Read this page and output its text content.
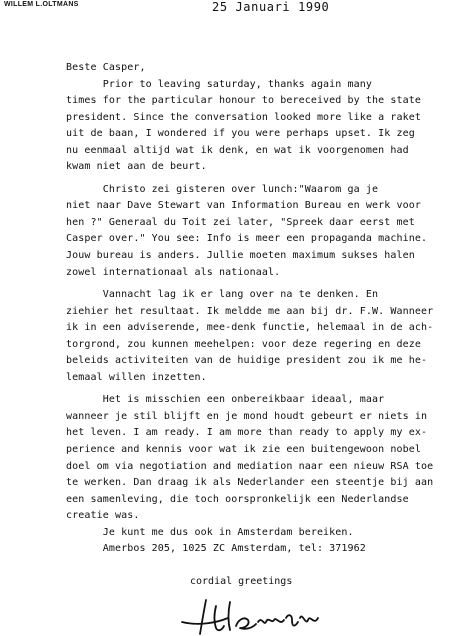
WILLEM L.OLTMANS	25 Januari 1990

Beste Casper,

Prior to leaving saturday, thanks again many
times for the particular honour to bereceived by the state
president. Since the conversation looked more like a raket
uit de baan, I wondered if you were perhaps upset. Ik zeg
nu eenmaal altijd wat ik denk, en wat ik voorgenomen had
kwam niet aan de beurt.

Christo zei gisteren over lunch:"Waarom ga je
niet naar Dave Stewart van Information Bureau en werk voor
hen ?" Generaal du Toit zei later, "Spreek daar eerst met
Casper over." You see: Info is meer een propaganda machine.
Jouw bureau is anders. Jullie moeten maximum sukses halen
zowel internationaal als nationaal.

Vannacht lag ik er lang over na te denken. En
ziehier het resultaat. Ik meldde me aan bij dr. F.W. Wanneer
ik in een adviserende, mee-denk functie, helemaal in de ach-
torgrond, zou kunnen meehelpen: voor deze regering en deze
beleids activiteiten van de huidige president zou ik me he-
lemaal willen inzetten.

Het is misschien een onbereikbaar ideaal, maar
wanneer je stil blijft en je mond houdt gebeurt er niets in
het leven. I am ready. I am more than ready to apply my ex-
perience and kennis voor wat ik zie een buitengewoon nobel
doel om via negotiation and mediation naar een nieuw RSA toe
te werken. Dan draag ik als Nederlander een steentje bij aan
een samenleving, die toch oorspronkelijk een Nederlandse
creatie was.

Je kunt me dus ook in Amsterdam bereiken.
Amerbos 205, 1025 ZC Amsterdam, tel: 371962

cordial greetings
